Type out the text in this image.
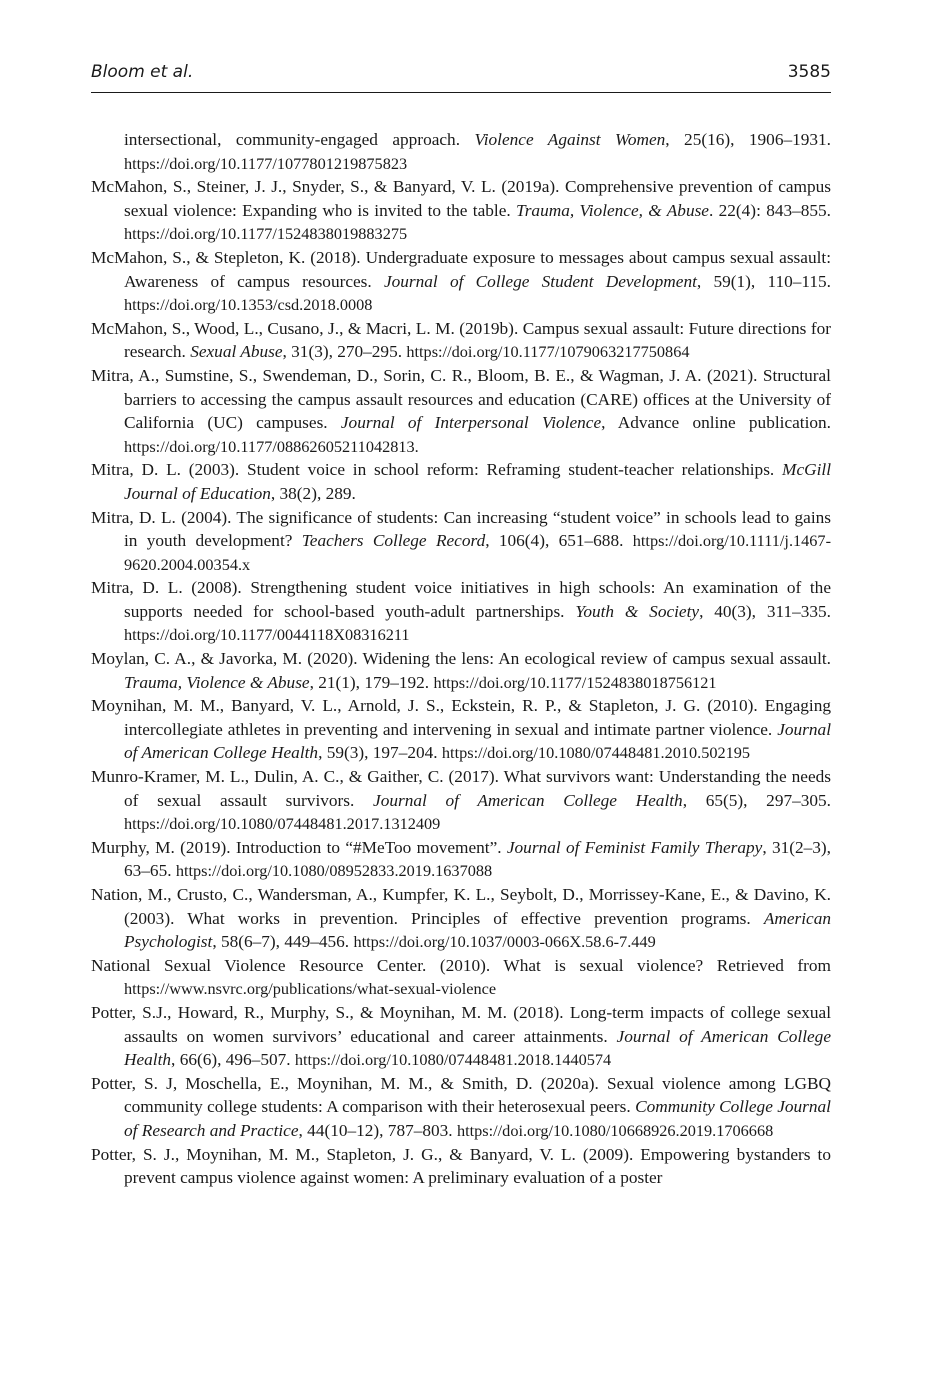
Bloom et al.	3585

intersectional, community-engaged approach. Violence Against Women, 25(16), 1906–1931. https://doi.org/10.1177/1077801219875823

McMahon, S., Steiner, J. J., Snyder, S., & Banyard, V. L. (2019a). Comprehensive prevention of campus sexual violence: Expanding who is invited to the table. Trauma, Violence, & Abuse. 22(4): 843–855. https://doi.org/10.1177/1524838019883275

McMahon, S., & Stepleton, K. (2018). Undergraduate exposure to messages about campus sexual assault: Awareness of campus resources. Journal of College Student Development, 59(1), 110–115. https://doi.org/10.1353/csd.2018.0008

McMahon, S., Wood, L., Cusano, J., & Macri, L. M. (2019b). Campus sexual assault: Future directions for research. Sexual Abuse, 31(3), 270–295. https://doi.org/10.1177/1079063217750864

Mitra, A., Sumstine, S., Swendeman, D., Sorin, C. R., Bloom, B. E., & Wagman, J. A. (2021). Structural barriers to accessing the campus assault resources and education (CARE) offices at the University of California (UC) campuses. Journal of Interpersonal Violence, Advance online publication. https://doi.org/10.1177/08862605211042813.

Mitra, D. L. (2003). Student voice in school reform: Reframing student-teacher relationships. McGill Journal of Education, 38(2), 289.

Mitra, D. L. (2004). The significance of students: Can increasing “student voice” in schools lead to gains in youth development? Teachers College Record, 106(4), 651–688. https://doi.org/10.1111/j.1467-9620.2004.00354.x

Mitra, D. L. (2008). Strengthening student voice initiatives in high schools: An examination of the supports needed for school-based youth-adult partnerships. Youth & Society, 40(3), 311–335. https://doi.org/10.1177/0044118X08316211

Moylan, C. A., & Javorka, M. (2020). Widening the lens: An ecological review of campus sexual assault. Trauma, Violence & Abuse, 21(1), 179–192. https://doi.org/10.1177/1524838018756121

Moynihan, M. M., Banyard, V. L., Arnold, J. S., Eckstein, R. P., & Stapleton, J. G. (2010). Engaging intercollegiate athletes in preventing and intervening in sexual and intimate partner violence. Journal of American College Health, 59(3), 197–204. https://doi.org/10.1080/07448481.2010.502195

Munro-Kramer, M. L., Dulin, A. C., & Gaither, C. (2017). What survivors want: Understanding the needs of sexual assault survivors. Journal of American College Health, 65(5), 297–305. https://doi.org/10.1080/07448481.2017.1312409

Murphy, M. (2019). Introduction to “#MeToo movement”. Journal of Feminist Family Therapy, 31(2–3), 63–65. https://doi.org/10.1080/08952833.2019.1637088

Nation, M., Crusto, C., Wandersman, A., Kumpfer, K. L., Seybolt, D., Morrissey-Kane, E., & Davino, K. (2003). What works in prevention. Principles of effective prevention programs. American Psychologist, 58(6–7), 449–456. https://doi.org/10.1037/0003-066X.58.6-7.449

National Sexual Violence Resource Center. (2010). What is sexual violence? Retrieved from https://www.nsvrc.org/publications/what-sexual-violence

Potter, S.J., Howard, R., Murphy, S., & Moynihan, M. M. (2018). Long-term impacts of college sexual assaults on women survivors’ educational and career attainments. Journal of American College Health, 66(6), 496–507. https://doi.org/10.1080/07448481.2018.1440574

Potter, S. J, Moschella, E., Moynihan, M. M., & Smith, D. (2020a). Sexual violence among LGBQ community college students: A comparison with their heterosexual peers. Community College Journal of Research and Practice, 44(10–12), 787–803. https://doi.org/10.1080/10668926.2019.1706668

Potter, S. J., Moynihan, M. M., Stapleton, J. G., & Banyard, V. L. (2009). Empowering bystanders to prevent campus violence against women: A preliminary evaluation of a poster
